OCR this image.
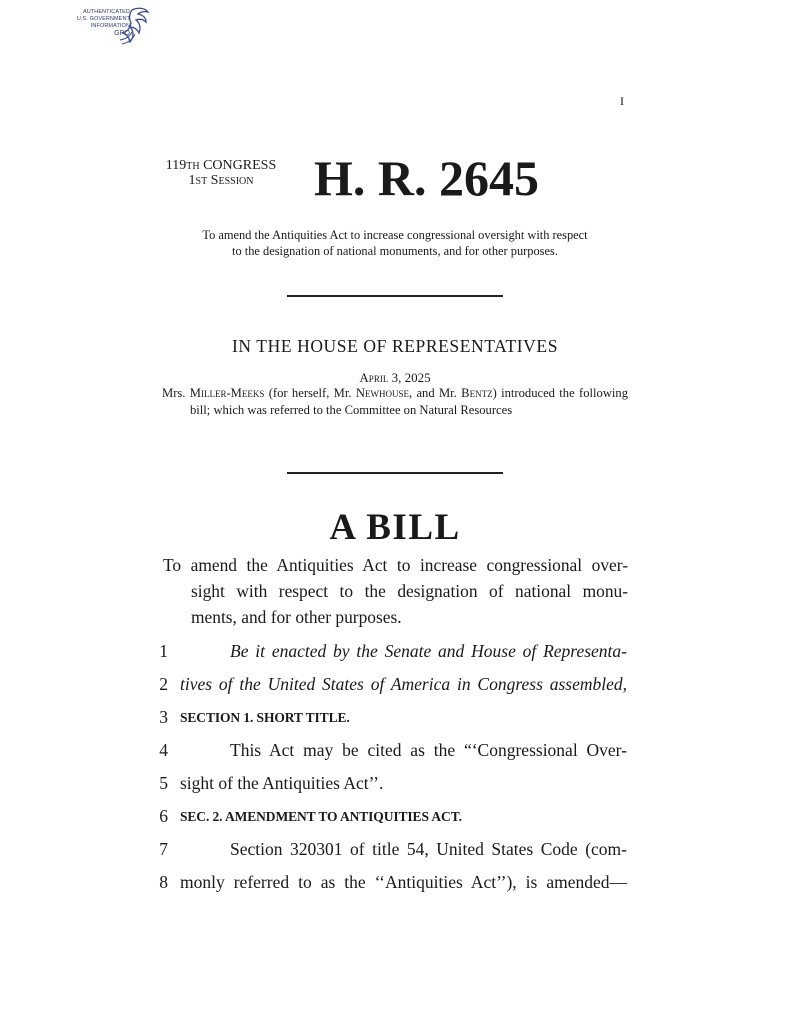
AUTHENTICATED
U.S. GOVERNMENT
INFORMATION
GPO
I
119th CONGRESS
1st Session	H. R. 2645
To amend the Antiquities Act to increase congressional oversight with respect
to the designation of national monuments, and for other purposes.
IN THE HOUSE OF REPRESENTATIVES
April 3, 2025
Mrs. Miller-Meeks (for herself, Mr. Newhouse, and Mr. Bentz) introduced the following bill; which was referred to the Committee on Natural Resources
A BILL
To amend the Antiquities Act to increase congressional over-
sight with respect to the designation of national monu-
ments, and for other purposes.
1	Be it enacted by the Senate and House of Representa-
2 tives of the United States of America in Congress assembled,
3 SECTION 1. SHORT TITLE.
4	This Act may be cited as the “‘Congressional Over-
5 sight of the Antiquities Act’’.
6 SEC. 2. AMENDMENT TO ANTIQUITIES ACT.
7	Section 320301 of title 54, United States Code (com-
8 monly referred to as the ‘‘Antiquities Act’’), is amended—
